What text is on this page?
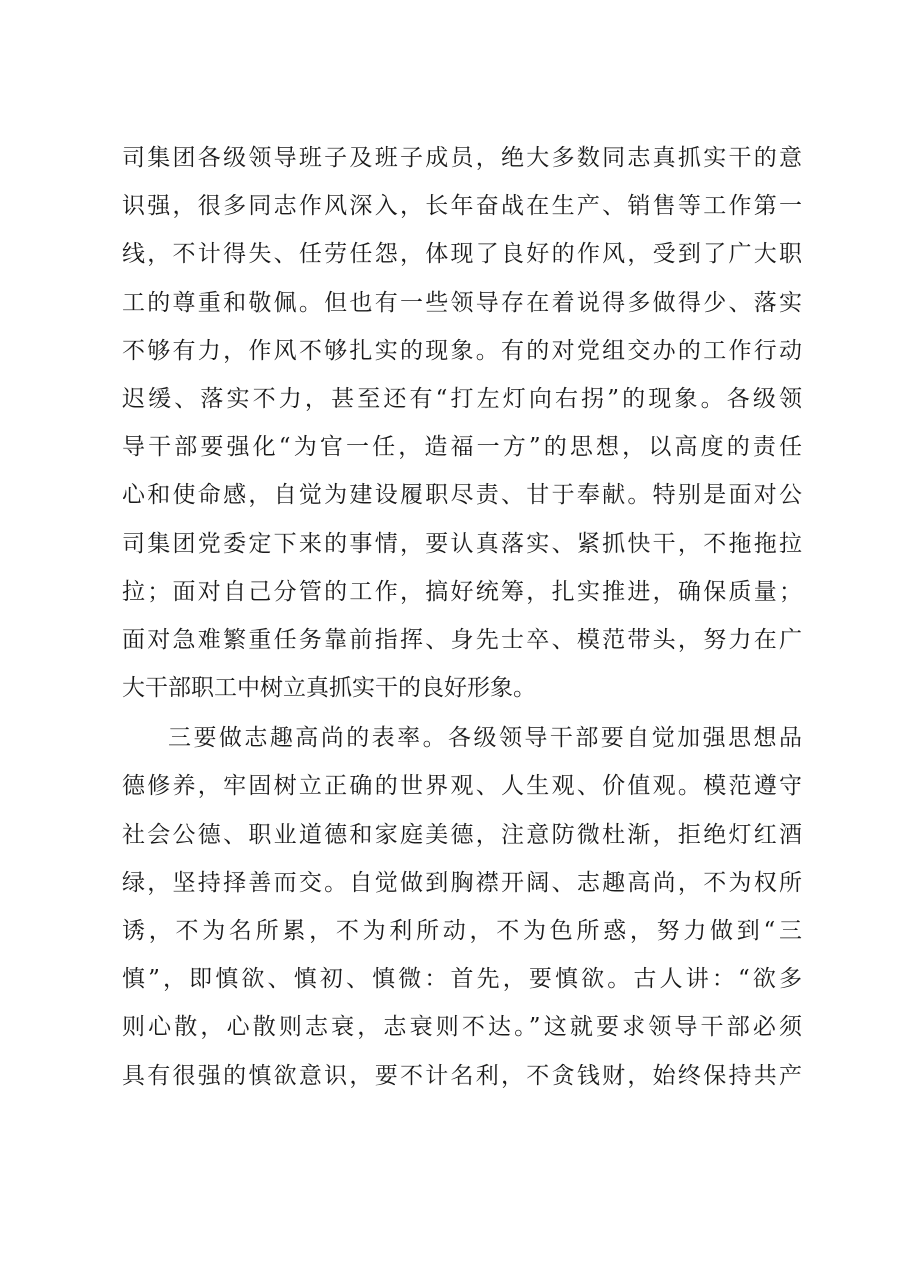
司集团各级领导班子及班子成员，绝大多数同志真抓实干的意
识强，很多同志作风深入，长年奋战在生产、销售等工作第一
线，不计得失、任劳任怨，体现了良好的作风，受到了广大职
工的尊重和敬佩。但也有一些领导存在着说得多做得少、落实
不够有力，作风不够扎实的现象。有的对党组交办的工作行动
迟缓、落实不力，甚至还有“打左灯向右拐”的现象。各级领
导干部要强化“为官一任，造福一方”的思想，以高度的责任
心和使命感，自觉为建设履职尽责、甘于奉献。特别是面对公
司集团党委定下来的事情，要认真落实、紧抓快干，不拖拖拉
拉；面对自己分管的工作，搞好统筹，扎实推进，确保质量；
面对急难繁重任务靠前指挥、身先士卒、模范带头，努力在广
大干部职工中树立真抓实干的良好形象。
三要做志趣高尚的表率。各级领导干部要自觉加强思想品
德修养，牢固树立正确的世界观、人生观、价值观。模范遵守
社会公德、职业道德和家庭美德，注意防微杜渐，拒绝灯红酒
绿，坚持择善而交。自觉做到胸襟开阔、志趣高尚，不为权所
诱，不为名所累，不为利所动，不为色所惑，努力做到“三
慎”，即慎欲、慎初、慎微：首先，要慎欲。古人讲：“欲多
则心散，心散则志衰，志衰则不达。”这就要求领导干部必须
具有很强的慎欲意识，要不计名利，不贪钱财，始终保持共产
